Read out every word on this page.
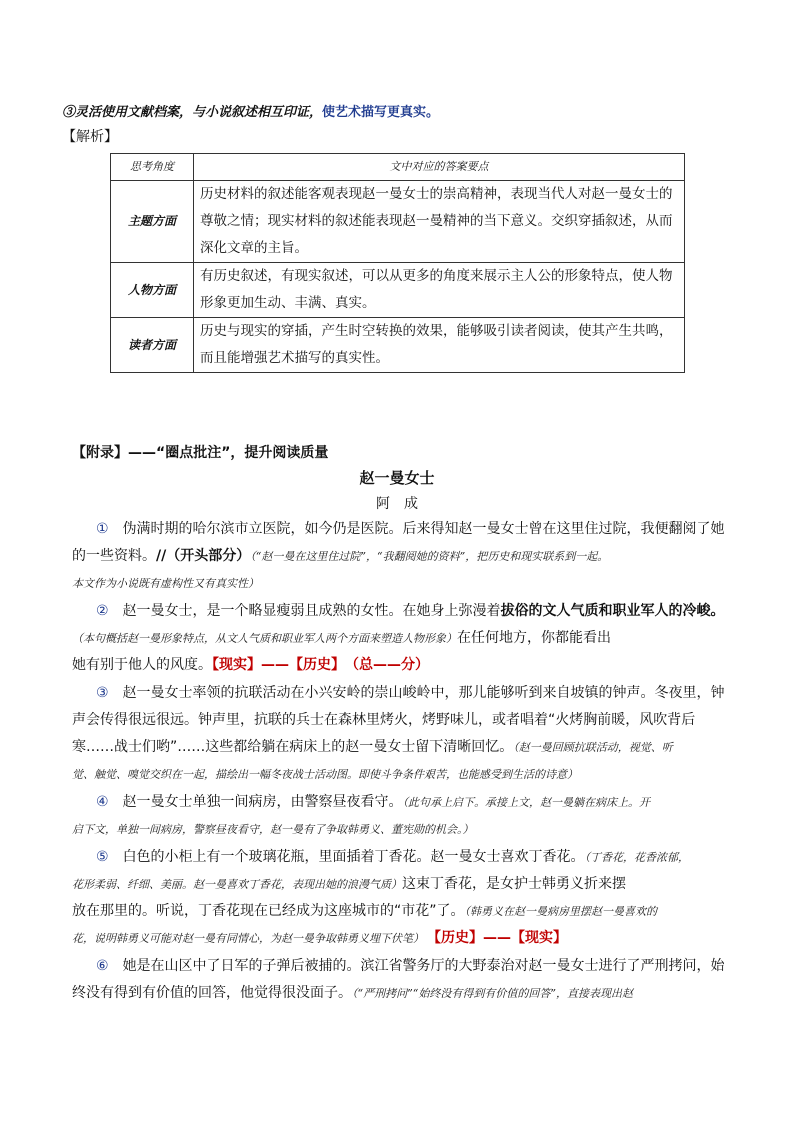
③灵活使用文献档案，与小说叙述相互印证，使艺术描写更真实。
【解析】
思考角度	文中对应的答案要点
主题方面	历史材料的叙述能客观表现赵一曼女士的崇高精神，表现当代人对赵一曼女士的尊敬之情；现实材料的叙述能表现赵一曼精神的当下意义。交织穿插叙述，从而深化文章的主旨。
人物方面	有历史叙述，有现实叙述，可以从更多的角度来展示主人公的形象特点，使人物形象更加生动、丰满、真实。
读者方面	历史与现实的穿插，产生时空转换的效果，能够吸引读者阅读，使其产生共鸣，而且能增强艺术描写的真实性。
【附录】——“圈点批注”，提升阅读质量
赵一曼女士
阿　成
① 伪满时期的哈尔滨市立医院，如今仍是医院。后来得知赵一曼女士曾在这里住过院，我便翻阅了她的一些资料。//（开头部分）（“赵一曼在这里住过院”，“我翻阅她的资料”，把历史和现实联系到一起。
本文作为小说既有虚构性又有真实性）
② 赵一曼女士，是一个略显瘦弱且成熟的女性。在她身上弥漫着拔俗的文人气质和职业军人的冷峻。
（本句概括赵一曼形象特点，从文人气质和职业军人两个方面来塑造人物形象）在任何地方，你都能看出
她有别于他人的风度。【现实】——【历史】　（总——分）
③ 赵一曼女士率领的抗联活动在小兴安岭的崇山峻岭中，那儿能够听到来自坡镇的钟声。冬夜里，钟
声会传得很远很远。钟声里，抗联的兵士在森林里烤火，烤野味儿，或者唱着“火烤胸前暖，风吹背后
寒……战士们哟”……这些都给躺在病床上的赵一曼女士留下清晰回忆。（赵一曼回顾抗联活动，视觉、听
觉、触觉、嗅觉交织在一起，描绘出一幅冬夜战士活动图。即使斗争条件艰苦，也能感受到生活的诗意）
④ 赵一曼女士单独一间病房，由警察昼夜看守。（此句承上启下。承接上文，赵一曼躺在病床上。开
启下文，单独一间病房，警察昼夜看守，赵一曼有了争取韩勇义、董宪勋的机会。）
⑤ 白色的小柜上有一个玻璃花瓶，里面插着丁香花。赵一曼女士喜欢丁香花。（丁香花，花香浓郁，
花形柔弱、纤细、美丽。赵一曼喜欢丁香花，表现出她的浪漫气质）这束丁香花，是女护士韩勇义折来摆
放在那里的。听说，丁香花现在已经成为这座城市的“市花”了。（韩勇义在赵一曼病房里摆赵一曼喜欢的
花，说明韩勇义可能对赵一曼有同情心，为赵一曼争取韩勇义埋下伏笔） 【历史】——【现实】
⑥ 她是在山区中了日军的子弹后被捕的。滨江省警务厅的大野泰治对赵一曼女士进行了严刑拷问，始
终没有得到有价值的回答，他觉得很没面子。（“严刑拷问”“始终没有得到有价值的回答”，直接表现出赵
